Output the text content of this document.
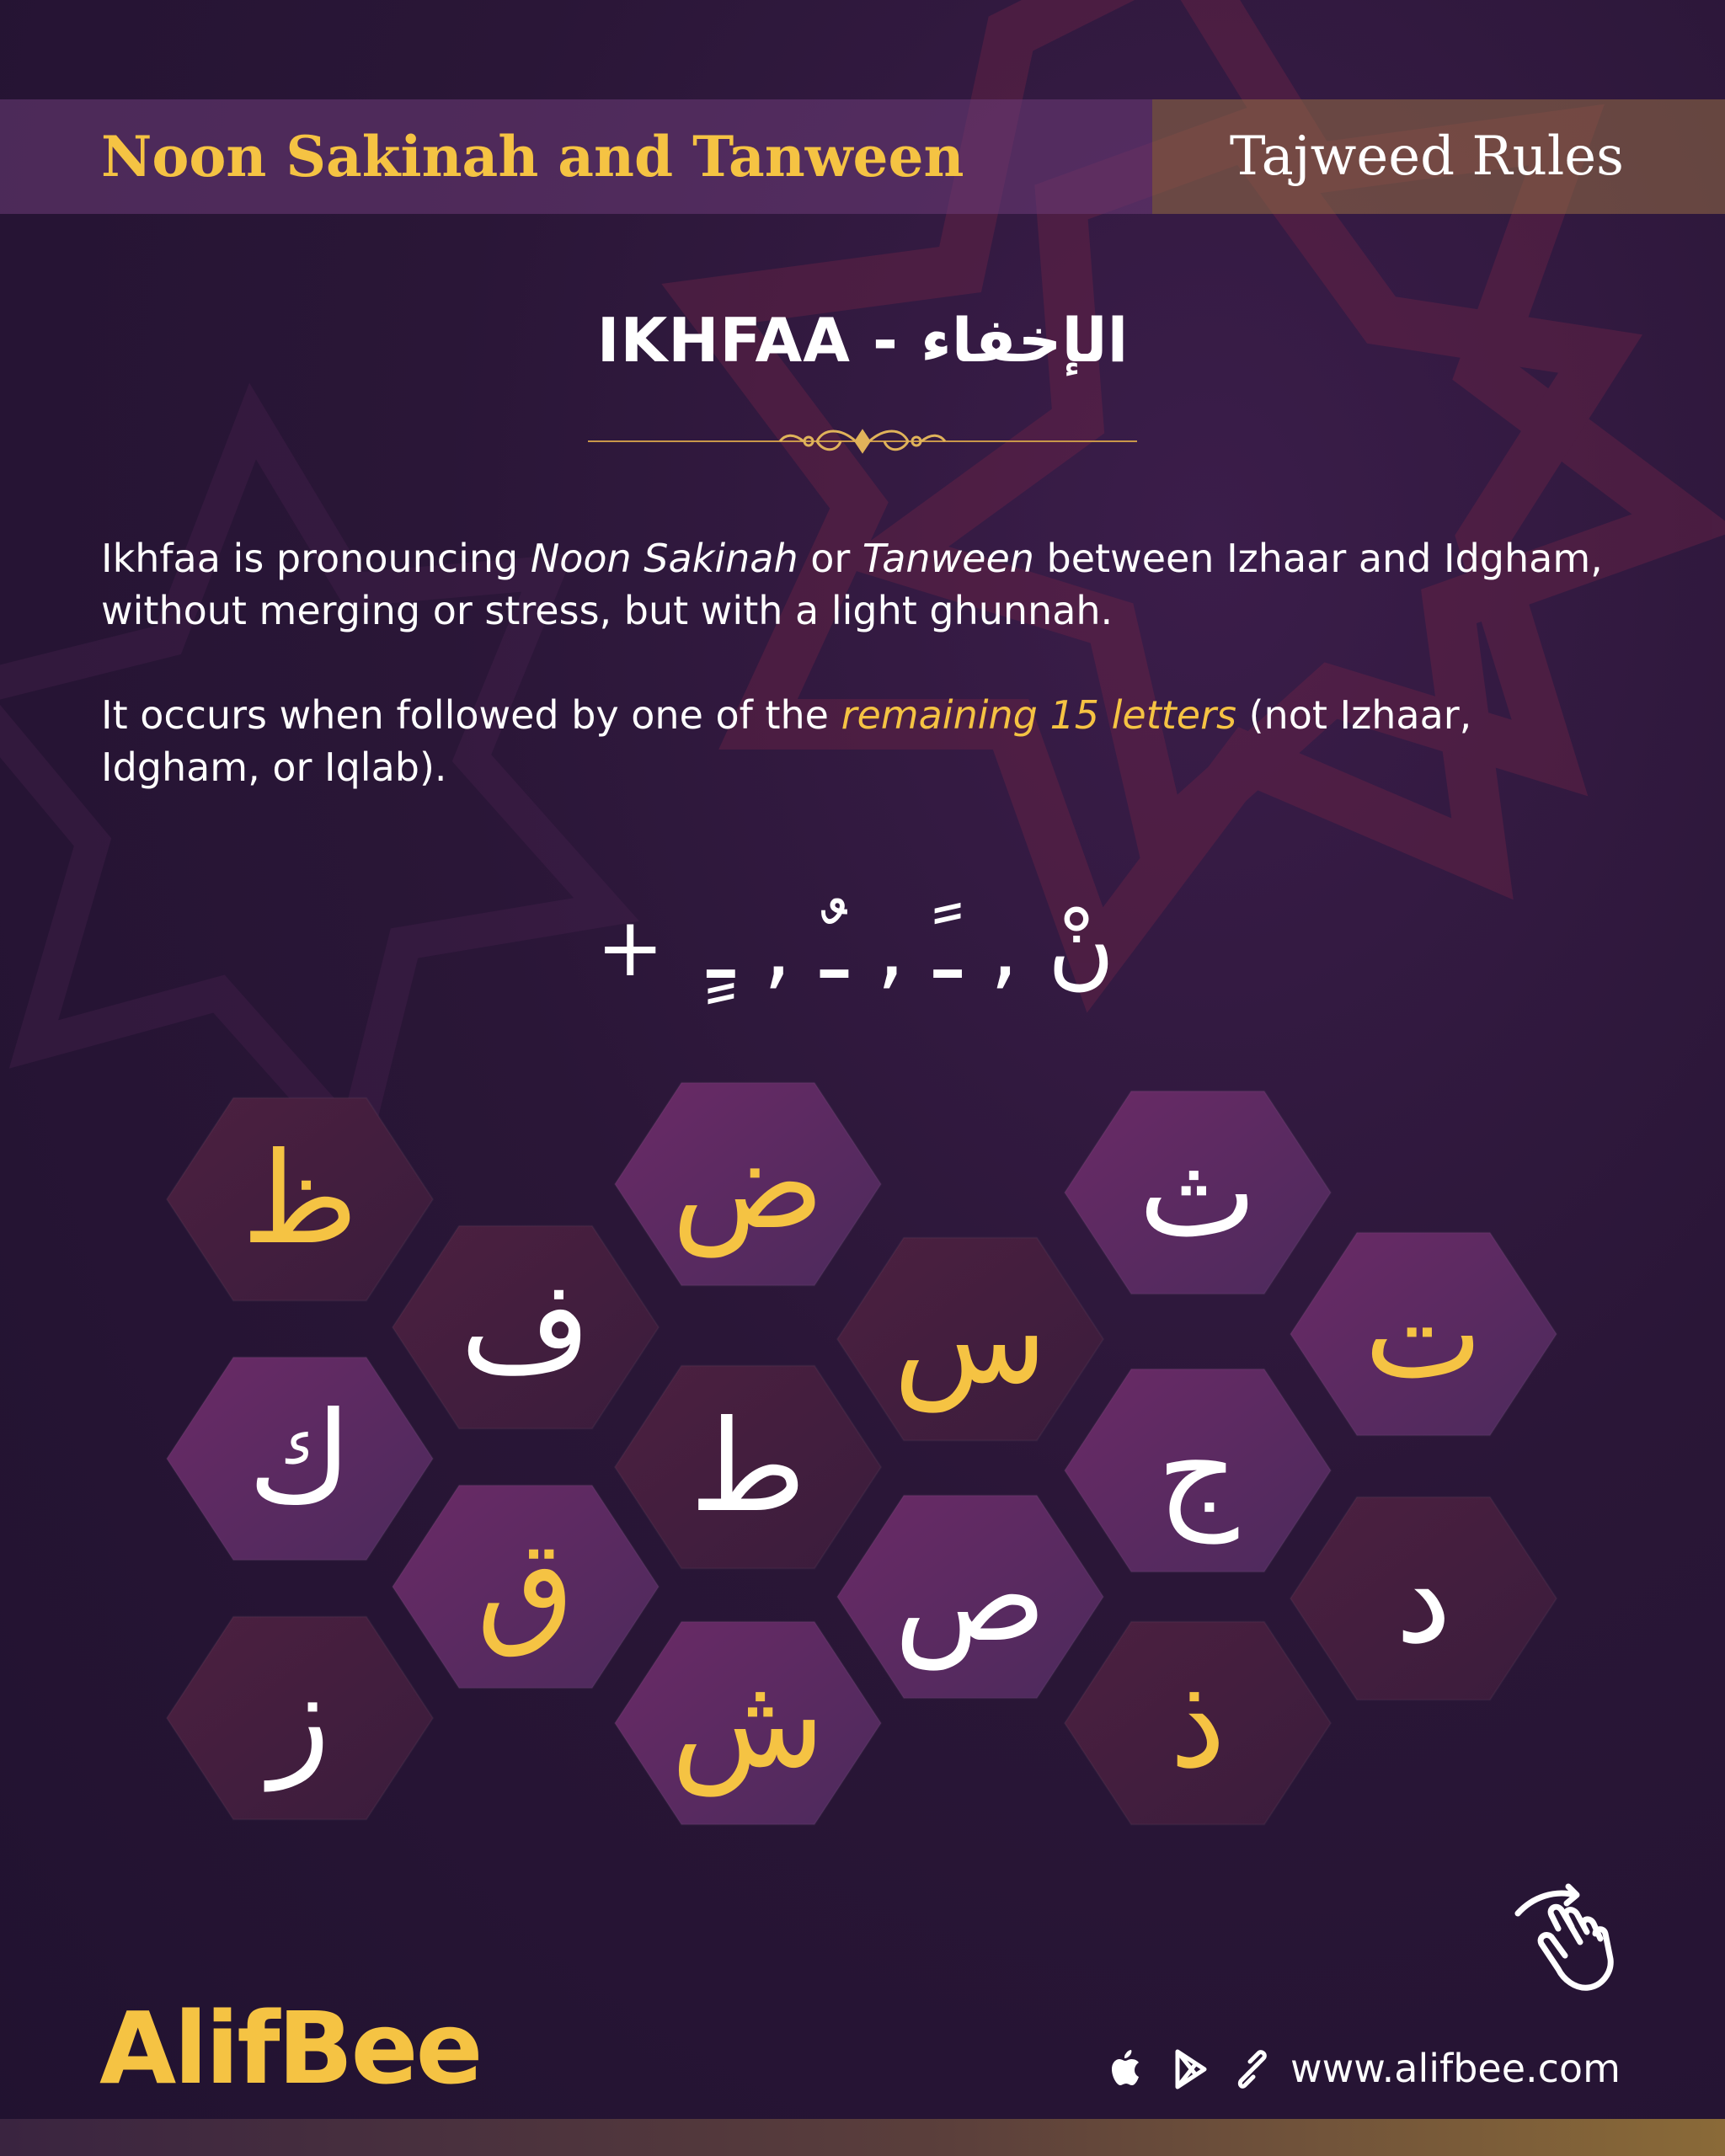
Noon Sakinah and Tanween	Tajweed Rules
IKHFAA - الإخفاء
Ikhfaa is pronouncing Noon Sakinah or Tanween between Izhaar and Idgham, without merging or stress, but with a light ghunnah.
It occurs when followed by one of the remaining 15 letters (not Izhaar, Idgham, or Iqlab).
+ نْ , ـً , ـٌ , ـٍ
ظ
ف
ك
ق
ز
ض
ط
ش
س
ص
ث
ج
ذ
ت
د
AlifBee	www.alifbee.com
